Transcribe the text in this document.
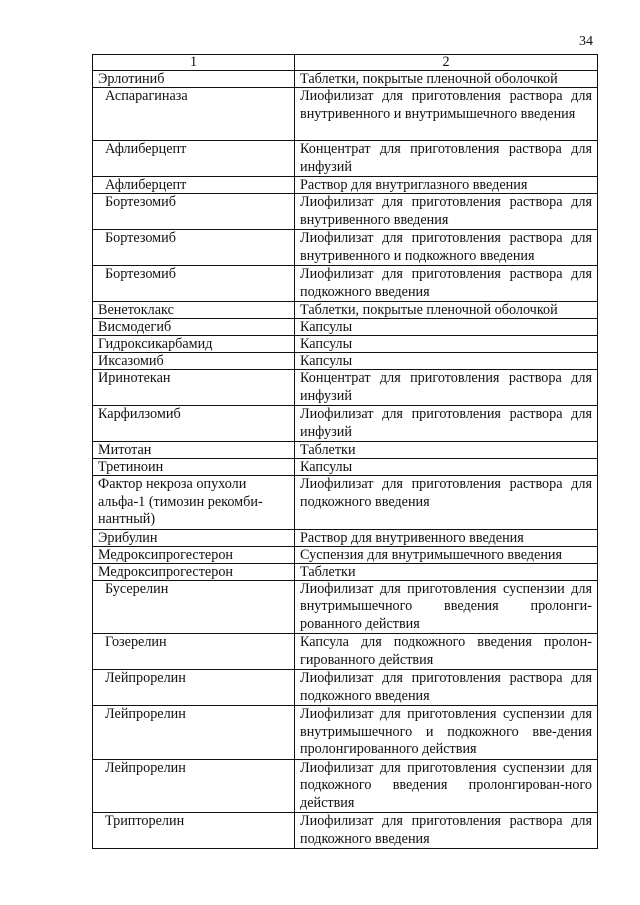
34
1	2
Эрлотиниб	Таблетки, покрытые пленочной оболочкой
Аспарагиназа	Лиофилизат для приготовления раствора для внутривенного и внутримышечного введения
Афлиберцепт	Концентрат для приготовления раствора для инфузий
Афлиберцепт	Раствор для внутриглазного введения
Бортезомиб	Лиофилизат для приготовления раствора для внутривенного введения
Бортезомиб	Лиофилизат для приготовления раствора для внутривенного и подкожного введения
Бортезомиб	Лиофилизат для приготовления раствора для подкожного введения
Венетоклакс	Таблетки, покрытые пленочной оболочкой
Висмодегиб	Капсулы
Гидроксикарбамид	Капсулы
Иксазомиб	Капсулы
Иринотекан	Концентрат для приготовления раствора для инфузий
Карфилзомиб	Лиофилизат для приготовления раствора для инфузий
Митотан	Таблетки
Третиноин	Капсулы
Фактор некроза опухоли альфа-1 (тимозин рекомби-нантный)	Лиофилизат для приготовления раствора для подкожного введения
Эрибулин	Раствор для внутривенного введения
Медроксипрогестерон	Суспензия для внутримышечного введения
Медроксипрогестерон	Таблетки
Бусерелин	Лиофилизат для приготовления суспензии для внутримышечного введения пролонги-рованного действия
Гозерелин	Капсула для подкожного введения пролон-гированного действия
Лейпрорелин	Лиофилизат для приготовления раствора для подкожного введения
Лейпрорелин	Лиофилизат для приготовления суспензии для внутримышечного и подкожного вве-дения пролонгированного действия
Лейпрорелин	Лиофилизат для приготовления суспензии для подкожного введения пролонгирован-ного действия
Трипторелин	Лиофилизат для приготовления раствора для подкожного введения
